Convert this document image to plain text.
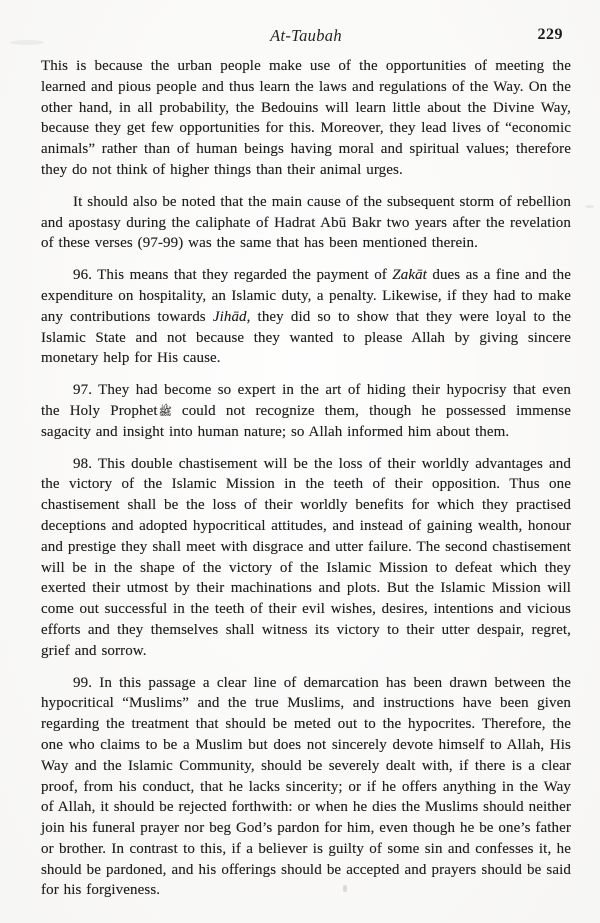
At-Taubah	229

This is because the urban people make use of the opportunities of meeting the learned and pious people and thus learn the laws and regulations of the Way. On the other hand, in all probability, the Bedouins will learn little about the Divine Way, because they get few opportunities for this. Moreover, they lead lives of “economic animals” rather than of human beings having moral and spiritual values; therefore they do not think of higher things than their animal urges.

It should also be noted that the main cause of the subsequent storm of rebellion and apostasy during the caliphate of Hadrat Abū Bakr two years after the revelation of these verses (97-99) was the same that has been mentioned therein.

96. This means that they regarded the payment of Zakāt dues as a fine and the expenditure on hospitality, an Islamic duty, a penalty. Likewise, if they had to make any contributions towards Jihād, they did so to show that they were loyal to the Islamic State and not because they wanted to please Allah by giving sincere monetary help for His cause.

97. They had become so expert in the art of hiding their hypocrisy that even the Holy Prophetﷺ could not recognize them, though he possessed immense sagacity and insight into human nature; so Allah informed him about them.

98. This double chastisement will be the loss of their worldly advantages and the victory of the Islamic Mission in the teeth of their opposition. Thus one chastisement shall be the loss of their worldly benefits for which they practised deceptions and adopted hypocritical attitudes, and instead of gaining wealth, honour and prestige they shall meet with disgrace and utter failure. The second chastisement will be in the shape of the victory of the Islamic Mission to defeat which they exerted their utmost by their machinations and plots. But the Islamic Mission will come out successful in the teeth of their evil wishes, desires, intentions and vicious efforts and they themselves shall witness its victory to their utter despair, regret, grief and sorrow.

99. In this passage a clear line of demarcation has been drawn between the hypocritical “Muslims” and the true Muslims, and instructions have been given regarding the treatment that should be meted out to the hypocrites. Therefore, the one who claims to be a Muslim but does not sincerely devote himself to Allah, His Way and the Islamic Community, should be severely dealt with, if there is a clear proof, from his conduct, that he lacks sincerity; or if he offers anything in the Way of Allah, it should be rejected forthwith: or when he dies the Muslims should neither join his funeral prayer nor beg God’s pardon for him, even though he be one’s father or brother. In contrast to this, if a believer is guilty of some sin and confesses it, he should be pardoned, and his offerings should be accepted and prayers should be said for his forgiveness.
